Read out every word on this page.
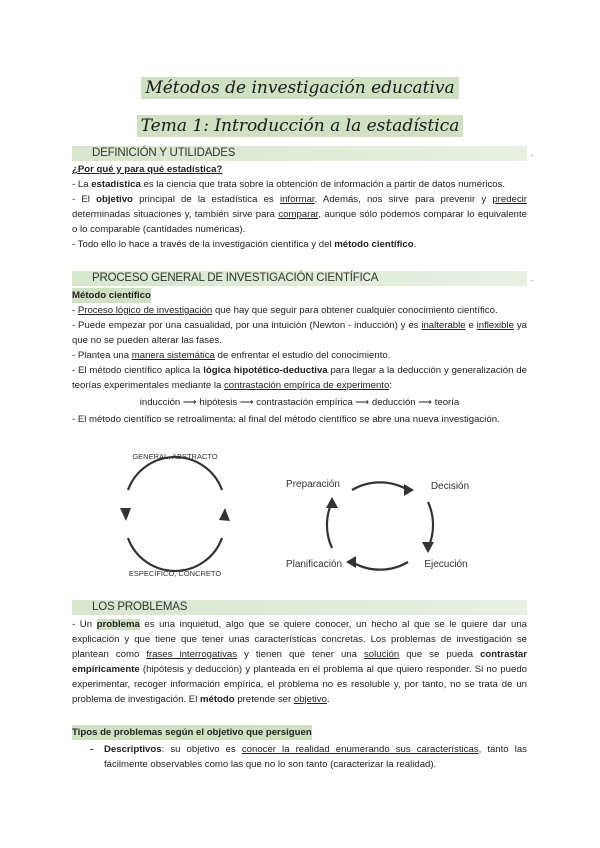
Métodos de investigación educativa
Tema 1: Introducción a la estadística
DEFINICIÓN Y UTILIDADES	.
¿Por qué y para qué estadística?
- La estadística es la ciencia que trata sobre la obtención de información a partir de datos numéricos.
- El objetivo principal de la estadística es informar. Además, nos sirve para prevenir y predecir determinadas situaciones y, también sirve para comparar, aunque sólo podemos comparar lo equivalente o lo comparable (cantidades numéricas).
- Todo ello lo hace a través de la investigación científica y del método científico.
PROCESO GENERAL DE INVESTIGACIÓN CIENTÍFICA	.
Método científico
- Proceso lógico de investigación que hay que seguir para obtener cualquier conocimiento científico.
- Puede empezar por una casualidad, por una intuición (Newton - inducción) y es inalterable e inflexible ya que no se pueden alterar las fases.
- Plantea una manera sistemática de enfrentar el estudio del conocimiento.
- El método científico aplica la lógica hipotético-deductiva para llegar a la deducción y generalización de teorías experimentales mediante la contrastación empírica de experimento:
inducción ⟶ hipótesis ⟶ contrastación empírica ⟶ deducción ⟶ teoría
- El método científico se retroalimenta: al final del método científico se abre una nueva investigación.
GENERAL, ABSTRACTO
ESPECÍFICO, CONCRETO
Preparación	Decisión
Planificación	Ejecución
LOS PROBLEMAS
- Un problema es una inquietud, algo que se quiere conocer, un hecho al que se le quiere dar una explicación y que tiene que tener unas características concretas. Los problemas de investigación se plantean como frases interrogativas y tienen que tener una solución que se pueda contrastar empíricamente (hipótesis y deducción) y planteada en el problema al que quiero responder. Si no puedo experimentar, recoger información empírica, el problema no es resoluble y, por tanto, no se trata de un problema de investigación. El método pretende ser objetivo.
Tipos de problemas según el objetivo que persiguen
- Descriptivos: su objetivo es conocer la realidad enumerando sus características, tanto las fácilmente observables como las que no lo son tanto (caracterizar la realidad).
